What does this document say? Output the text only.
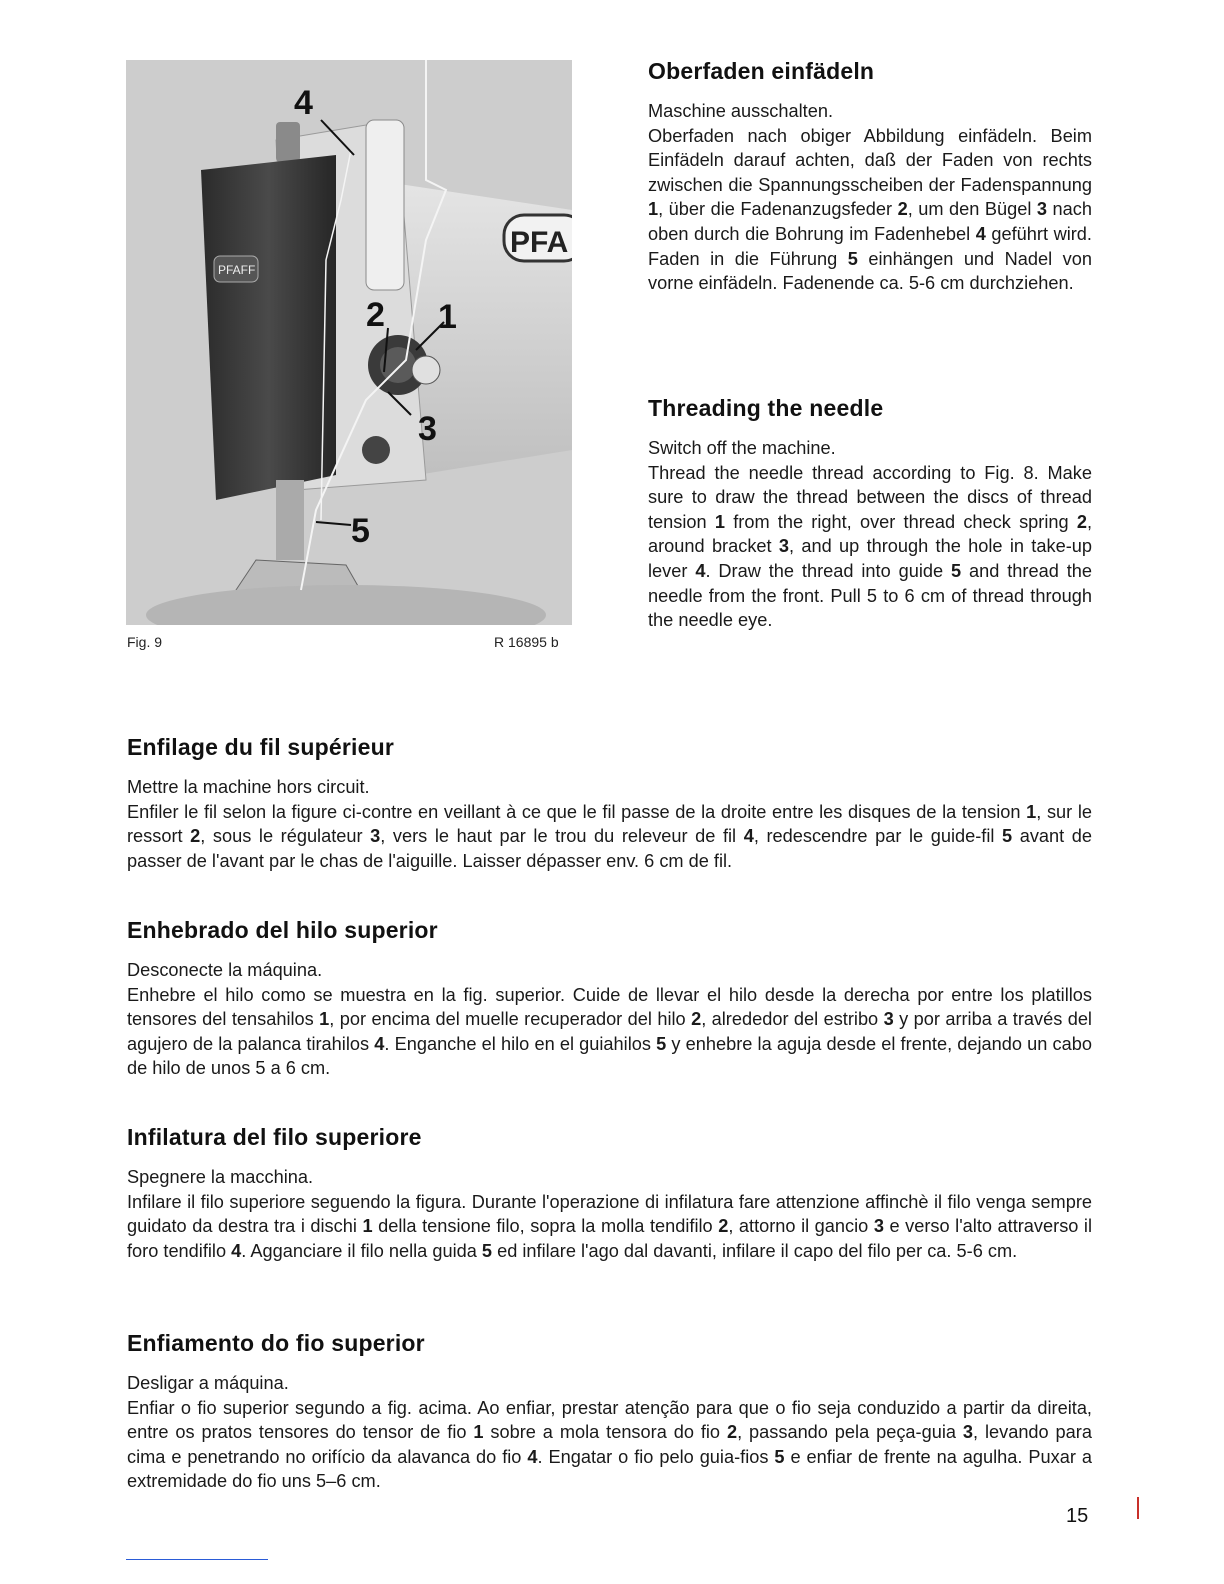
PFA
PFAFF
4
2 1
3
5
Fig. 9	R 16895 b
Oberfaden einfädeln

Maschine ausschalten.

Oberfaden nach obiger Abbildung einfädeln. Beim Einfädeln darauf achten, daß der Faden von rechts zwischen die Spannungsscheiben der Fadenspannung 1, über die Fadenanzugsfeder 2, um den Bügel 3 nach oben durch die Bohrung im Fadenhebel 4 geführt wird. Faden in die Führung 5 einhängen und Nadel von vorne einfädeln. Fadenende ca. 5-6 cm durchziehen.

Threading the needle

Switch off the machine.

Thread the needle thread according to Fig. 8. Make sure to draw the thread between the discs of thread tension 1 from the right, over thread check spring 2, around bracket 3, and up through the hole in take-up lever 4. Draw the thread into guide 5 and thread the needle from the front. Pull 5 to 6 cm of thread through the needle eye.

Enfilage du fil supérieur

Mettre la machine hors circuit.

Enfiler le fil selon la figure ci-contre en veillant à ce que le fil passe de la droite entre les disques de la tension 1, sur le ressort 2, sous le régulateur 3, vers le haut par le trou du releveur de fil 4, redescendre par le guide-fil 5 avant de passer de l'avant par le chas de l'aiguille. Laisser dépasser env. 6 cm de fil.

Enhebrado del hilo superior

Desconecte la máquina.

Enhebre el hilo como se muestra en la fig. superior. Cuide de llevar el hilo desde la derecha por entre los platillos tensores del tensahilos 1, por encima del muelle recuperador del hilo 2, alrededor del estribo 3 y por arriba a través del agujero de la palanca tirahilos 4. Enganche el hilo en el guiahilos 5 y enhebre la aguja desde el frente, dejando un cabo de hilo de unos 5 a 6 cm.

Infilatura del filo superiore

Spegnere la macchina.

Infilare il filo superiore seguendo la figura. Durante l'operazione di infilatura fare attenzione affinchè il filo venga sempre guidato da destra tra i dischi 1 della tensione filo, sopra la molla tendifilo 2, attorno il gancio 3 e verso l'alto attraverso il foro tendifilo 4. Agganciare il filo nella guida 5 ed infilare l'ago dal davanti, infilare il capo del filo per ca. 5-6 cm.

Enfiamento do fio superior

Desligar a máquina.

Enfiar o fio superior segundo a fig. acima. Ao enfiar, prestar atenção para que o fio seja conduzido a partir da direita, entre os pratos tensores do tensor de fio 1 sobre a mola tensora do fio 2, passando pela peça-guia 3, levando para cima e penetrando no orifício da alavanca do fio 4. Engatar o fio pelo guia-fios 5 e enfiar de frente na agulha. Puxar a extremidade do fio uns 5–6 cm.

15
